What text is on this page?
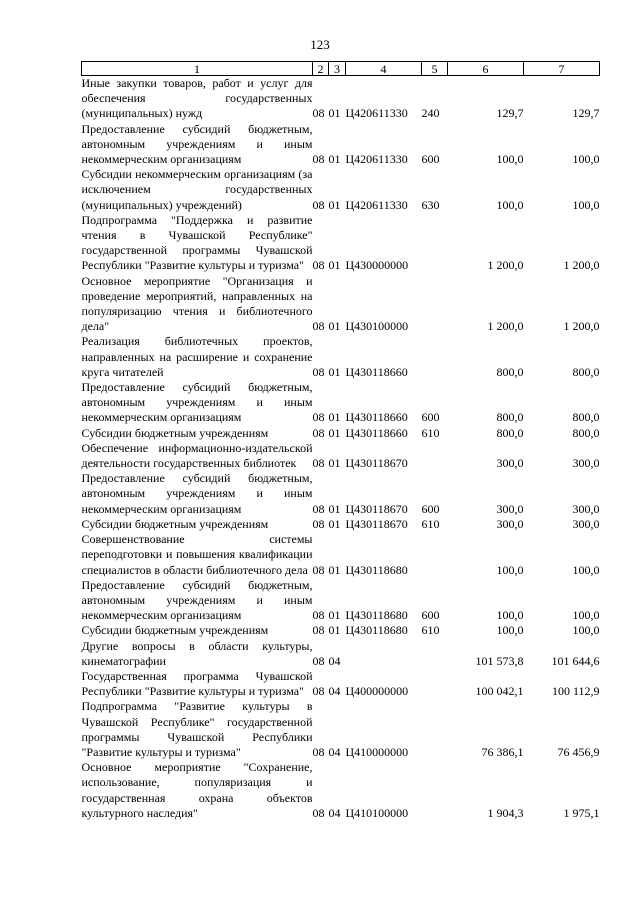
123
1	2	3	4	5	6	7
Иные закупки товаров, работ и услуг для обеспечения государственных (муниципальных) нужд	08	01	Ц420611330	240	129,7	129,7
Предоставление субсидий бюджетным, автономным учреждениям и иным некоммерческим организациям	08	01	Ц420611330	600	100,0	100,0
Субсидии некоммерческим организациям (за исключением государственных (муниципальных) учреждений)	08	01	Ц420611330	630	100,0	100,0
Подпрограмма "Поддержка и развитие чтения в Чувашской Республике" государственной программы Чувашской Республики "Развитие культуры и туризма"	08	01	Ц430000000		1 200,0	1 200,0
Основное мероприятие "Организация и проведение мероприятий, направленных на популяризацию чтения и библиотечного дела"	08	01	Ц430100000		1 200,0	1 200,0
Реализация библиотечных проектов, направленных на расширение и сохранение круга читателей	08	01	Ц430118660		800,0	800,0
Предоставление субсидий бюджетным, автономным учреждениям и иным некоммерческим организациям	08	01	Ц430118660	600	800,0	800,0
Субсидии бюджетным учреждениям	08	01	Ц430118660	610	800,0	800,0
Обеспечение информационно-издательской деятельности государственных библиотек	08	01	Ц430118670		300,0	300,0
Предоставление субсидий бюджетным, автономным учреждениям и иным некоммерческим организациям	08	01	Ц430118670	600	300,0	300,0
Субсидии бюджетным учреждениям	08	01	Ц430118670	610	300,0	300,0
Совершенствование системы переподготовки и повышения квалификации специалистов в области библиотечного дела	08	01	Ц430118680		100,0	100,0
Предоставление субсидий бюджетным, автономным учреждениям и иным некоммерческим организациям	08	01	Ц430118680	600	100,0	100,0
Субсидии бюджетным учреждениям	08	01	Ц430118680	610	100,0	100,0
Другие вопросы в области культуры, кинематографии	08	04			101 573,8	101 644,6
Государственная программа Чувашской Республики "Развитие культуры и туризма"	08	04	Ц400000000		100 042,1	100 112,9
Подпрограмма "Развитие культуры в Чувашской Республике" государственной программы Чувашской Республики "Развитие культуры и туризма"	08	04	Ц410000000		76 386,1	76 456,9
Основное мероприятие "Сохранение, использование, популяризация и государственная охрана объектов культурного наследия"	08	04	Ц410100000		1 904,3	1 975,1
